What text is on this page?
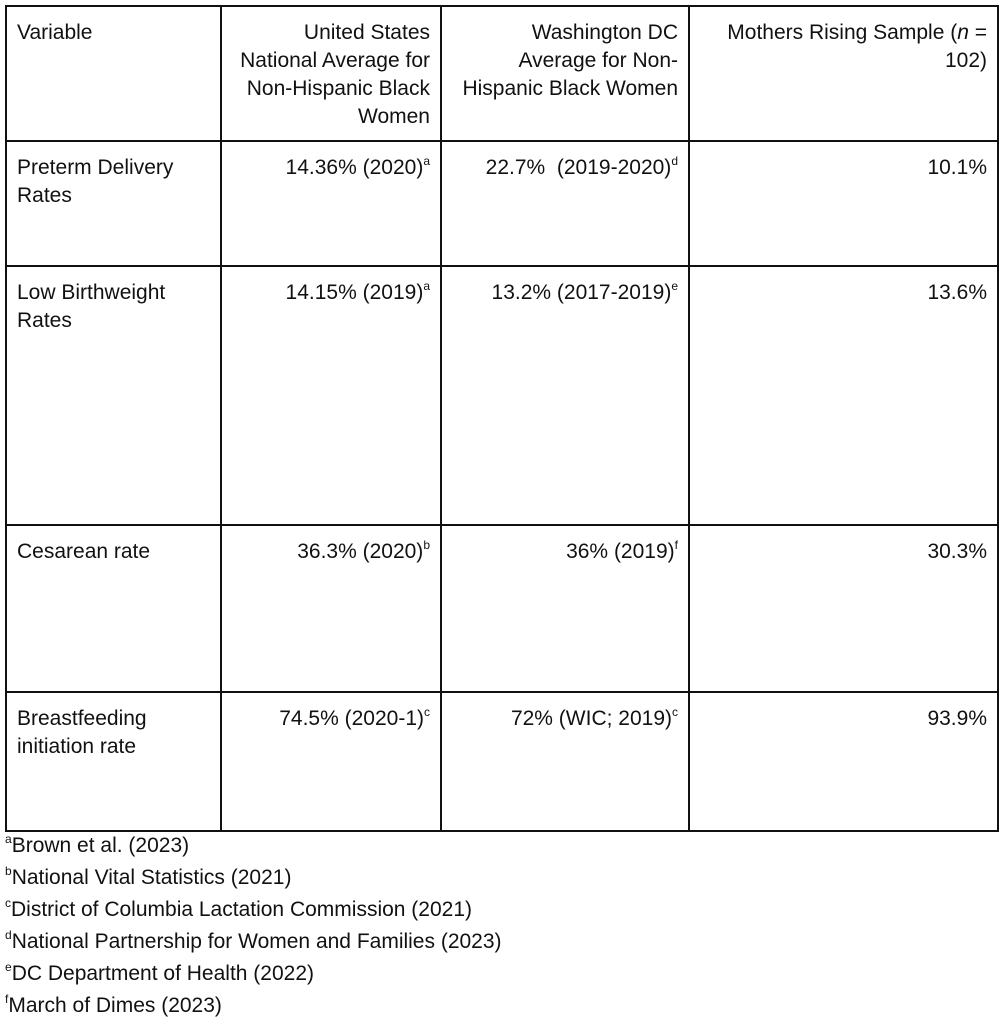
Variable	United States National Average for Non-Hispanic Black Women	Washington DC Average for Non-Hispanic Black Women	Mothers Rising Sample (n = 102)
Preterm Delivery Rates	14.36% $(2020)^a$	22.7%  (2019-2020)$^d$	10.1%
Low Birthweight Rates	14.15% $(2019)^a$	13.2% (2017-2019)$^e$	13.6%
Cesarean rate	36.3% $(2020)^b$	36% $(2019)^f$	30.3%
Breastfeeding initiation rate	74.5% $(2020-1)^c$	72% (WIC; 2019)$^c$	93.9%
$^a$Brown et al. (2023)
$^b$National Vital Statistics (2021)
$^c$District of Columbia Lactation Commission (2021)
$^d$National Partnership for Women and Families (2023)
$^e$DC Department of Health (2022)
$^f$March of Dimes (2023)
